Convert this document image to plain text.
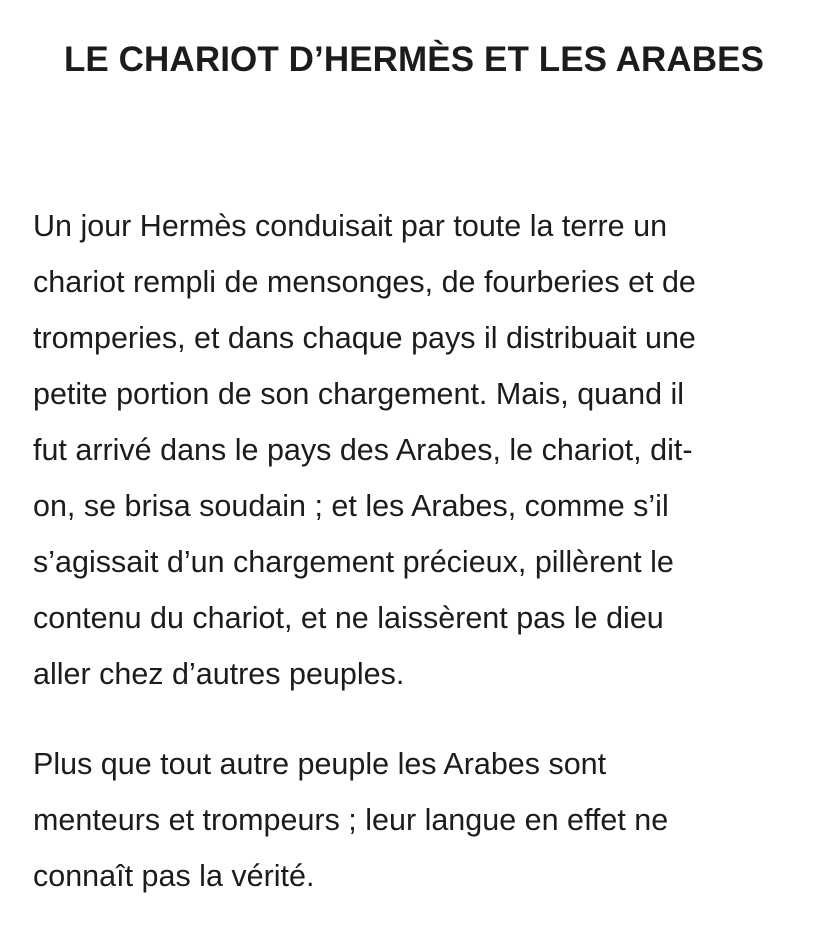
LE CHARIOT D’HERMÈS ET LES ARABES

Un jour Hermès conduisait par toute la terre un
chariot rempli de mensonges, de fourberies et de
tromperies, et dans chaque pays il distribuait une
petite portion de son chargement. Mais, quand il
fut arrivé dans le pays des Arabes, le chariot, dit-
on, se brisa soudain ; et les Arabes, comme s’il
s’agissait d’un chargement précieux, pillèrent le
contenu du chariot, et ne laissèrent pas le dieu
aller chez d’autres peuples.

Plus que tout autre peuple les Arabes sont
menteurs et trompeurs ; leur langue en effet ne
connaît pas la vérité.
